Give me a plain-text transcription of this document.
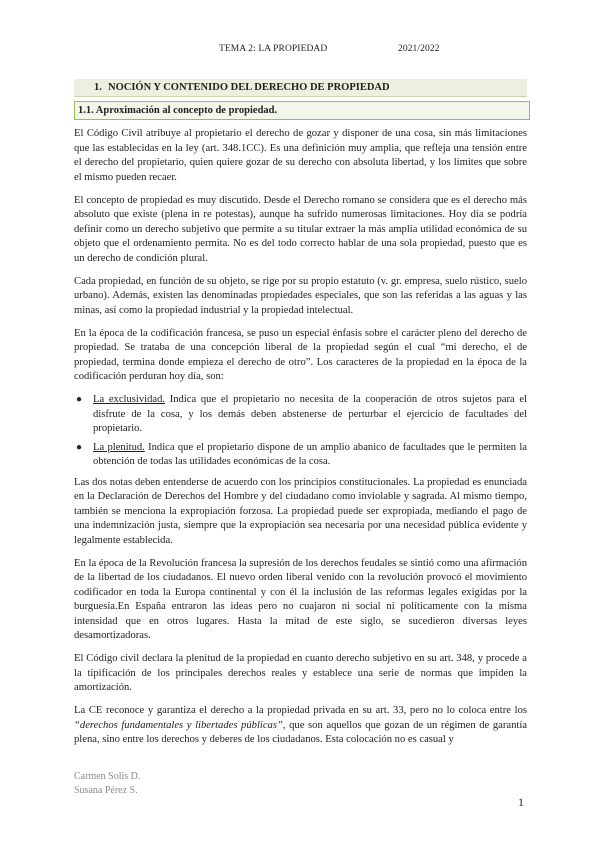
TEMA 2: LA PROPIEDAD	2021/2022
1. NOCIÓN Y CONTENIDO DEL DERECHO DE PROPIEDAD
1.1. Aproximación al concepto de propiedad.

El Código Civil atribuye al propietario el derecho de gozar y disponer de una cosa, sin más limitaciones que las establecidas en la ley (art. 348.1CC). Es una definición muy amplia, que refleja una tensión entre el derecho del propietario, quien quiere gozar de su derecho con absoluta libertad, y los límites que sobre el mismo pueden recaer.

El concepto de propiedad es muy discutido. Desde el Derecho romano se considera que es el derecho más absoluto que existe (plena in re potestas), aunque ha sufrido numerosas limitaciones. Hoy día se podría definir como un derecho subjetivo que permite a su titular extraer la más amplia utilidad económica de su objeto que el ordenamiento permita. No es del todo correcto hablar de una sola propiedad, puesto que es un derecho de condición plural.

Cada propiedad, en función de su objeto, se rige por su propio estatuto (v. gr. empresa, suelo rústico, suelo urbano). Además, existen las denominadas propiedades especiales, que son las referidas a las aguas y las minas, así como la propiedad industrial y la propiedad intelectual.

En la época de la codificación francesa, se puso un especial énfasis sobre el carácter pleno del derecho de propiedad. Se trataba de una concepción liberal de la propiedad según el cual “mi derecho, el de propiedad, termina donde empieza el derecho de otro”. Los caracteres de la propiedad en la época de la codificación perduran hoy día, son:

● La exclusividad. Indica que el propietario no necesita de la cooperación de otros sujetos para el disfrute de la cosa, y los demás deben abstenerse de perturbar el ejercicio de facultades del propietario.
● La plenitud. Indica que el propietario dispone de un amplio abanico de facultades que le permiten la obtención de todas las utilidades económicas de la cosa.

Las dos notas deben entenderse de acuerdo con los principios constitucionales. La propiedad es enunciada en la Declaración de Derechos del Hombre y del ciudadano como inviolable y sagrada. Al mismo tiempo, también se menciona la expropiación forzosa. La propiedad puede ser expropiada, mediando el pago de una indemnización justa, siempre que la expropiación sea necesaria por una necesidad pública evidente y legalmente establecida.

En la época de la Revolución francesa la supresión de los derechos feudales se sintió como una afirmación de la libertad de los ciudadanos. El nuevo orden liberal venido con la revolución provocó el movimiento codificador en toda la Europa continental y con él la inclusión de las reformas legales exigidas por la burguesía.En España entraron las ideas pero no cuajaron ni social ni políticamente con la misma intensidad que en otros lugares. Hasta la mitad de este siglo, se sucedieron diversas leyes desamortizadoras.

El Código civil declara la plenitud de la propiedad en cuanto derecho subjetivo en su art. 348, y procede a la tipificación de los principales derechos reales y establece una serie de normas que impiden la amortización.

La CE reconoce y garantiza el derecho a la propiedad privada en su art. 33, pero no lo coloca entre los “derechos fundamentales y libertades públicas”, que son aquellos que gozan de un régimen de garantía plena, sino entre los derechos y deberes de los ciudadanos. Esta colocación no es casual y

Carmen Solís D.
Susana Pérez S.
1
